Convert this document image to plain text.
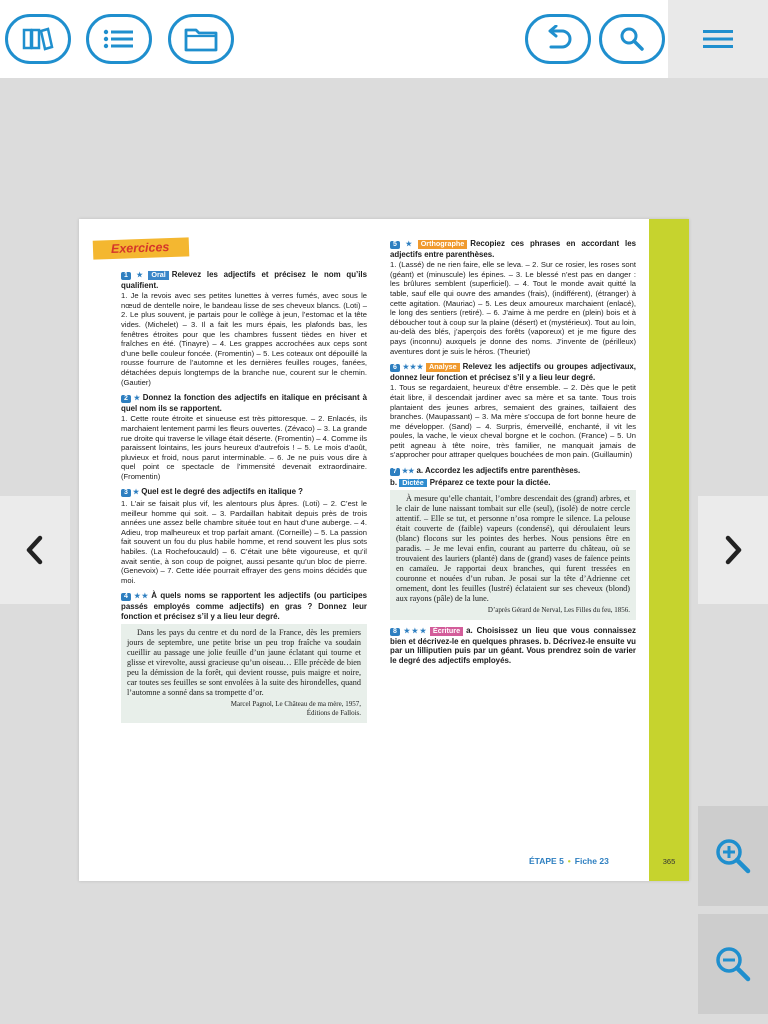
Exercices
1 ★ Oral Relevez les adjectifs et précisez le nom qu’ils qualifient.

1. Je la revois avec ses petites lunettes à verres fumés, avec sous le nœud de dentelle noire, le bandeau lisse de ses cheveux blancs. (Loti) – 2. Le plus souvent, je partais pour le collège à jeun, l’estomac et la tête vides. (Michelet) – 3. Il a fait les murs épais, les plafonds bas, les fenêtres étroites pour que les chambres fussent tièdes en hiver et fraîches en été. (Tinayre) – 4. Les grappes accrochées aux ceps sont d’une belle couleur foncée. (Fromentin) – 5. Les coteaux ont dépouillé la rousse fourrure de l’automne et les dernières feuilles rouges, fanées, détachées depuis longtemps de la branche nue, courent sur le chemin. (Gautier)

2 ★ Donnez la fonction des adjectifs en italique en précisant à quel nom ils se rapportent.

1. Cette route étroite et sinueuse est très pittoresque. – 2. Enlacés, ils marchaient lentement parmi les fleurs ouvertes. (Zévaco) – 3. La grande rue droite qui traverse le village était déserte. (Fromentin) – 4. Comme ils paraissent lointains, les jours heureux d’autrefois ! – 5. Le mois d’août, pluvieux et froid, nous parut interminable. – 6. Je ne puis vous dire à quel point ce spectacle de l’immensité devenait extraordinaire. (Fromentin)

3 ★ Quel est le degré des adjectifs en italique ?

1. L’air se faisait plus vif, les alentours plus âpres. (Loti) – 2. C’est le meilleur homme qui soit. – 3. Pardaillan habitait depuis près de trois années une assez belle chambre située tout en haut d’une auberge. – 4. Adieu, trop malheureux et trop parfait amant. (Corneille) – 5. La passion fait souvent un fou du plus habile homme, et rend souvent les plus sots habiles. (La Rochefoucauld) – 6. C’était une bête vigoureuse, et qu’il avait sentie, à son coup de poignet, aussi pesante qu’un bloc de pierre. (Genevoix) – 7. Cette idée pourrait effrayer des gens moins décidés que moi.

4 ★★ À quels noms se rapportent les adjectifs (ou participes passés employés comme adjectifs) en gras ? Donnez leur fonction et précisez s’il y a lieu leur degré.

Dans les pays du centre et du nord de la France, dès les premiers jours de septembre, une petite brise un peu trop fraîche va soudain cueillir au passage une jolie feuille d’un jaune éclatant qui tourne et glisse et virevolte, aussi gracieuse qu’un oiseau… Elle précède de bien peu la démission de la forêt, qui devient rousse, puis maigre et noire, car toutes ses feuilles se sont envolées à la suite des hirondelles, quand l’automne a sonné dans sa trompette d’or.

Marcel Pagnol, Le Château de ma mère, 1957,
Éditions de Fallois.
5 ★ Orthographe Recopiez ces phrases en accordant les adjectifs entre parenthèses.

1. (Lassé) de ne rien faire, elle se leva. – 2. Sur ce rosier, les roses sont (géant) et (minuscule) les épines. – 3. Le blessé n’est pas en danger : les brûlures semblent (superficiel). – 4. Tout le monde avait quitté la table, sauf elle qui ouvre des amandes (frais), (indifférent), (étranger) à cette agitation. (Mauriac) – 5. Les deux amoureux marchaient (enlacé), le long des sentiers (retiré). – 6. J’aime à me perdre en (plein) bois et à déboucher tout à coup sur la plaine (désert) et (mystérieux). Tout au loin, au-delà des blés, j’aperçois des forêts (vaporeux) et je me figure des pays (inconnu) auxquels je donne des noms. J’invente de (périlleux) aventures dont je suis le héros. (Theuriet)

6 ★★★ Analyse Relevez les adjectifs ou groupes adjectivaux, donnez leur fonction et précisez s’il y a lieu leur degré.

1. Tous se regardaient, heureux d’être ensemble. – 2. Dès que le petit était libre, il descendait jardiner avec sa mère et sa tante. Tous trois plantaient des jeunes arbres, semaient des graines, taillaient des branches. (Maupassant) – 3. Ma mère s’occupa de fort bonne heure de me développer. (Sand) – 4. Surpris, émerveillé, enchanté, il vit les poules, la vache, le vieux cheval borgne et le cochon. (France) – 5. Un petit agneau à tête noire, très familier, ne manquait jamais de s’approcher pour attraper quelques bouchées de mon pain. (Guillaumin)

7 ★★ a. Accordez les adjectifs entre parenthèses.
b. Dictée Préparez ce texte pour la dictée.

À mesure qu’elle chantait, l’ombre descendait des (grand) arbres, et le clair de lune naissant tombait sur elle (seul), (isolé) de notre cercle attentif. – Elle se tut, et personne n’osa rompre le silence. La pelouse était couverte de (faible) vapeurs (condensé), qui déroulaient leurs (blanc) flocons sur les pointes des herbes. Nous pensions être en paradis. – Je me levai enfin, courant au parterre du château, où se trouvaient des lauriers (planté) dans de (grand) vases de faïence peints en camaïeu. Je rapportai deux branches, qui furent tressées en couronne et nouées d’un ruban. Je posai sur la tête d’Adrienne cet ornement, dont les feuilles (lustré) éclataient sur ses cheveux (blond) aux rayons (pâle) de la lune.

D’après Gérard de Nerval, Les Filles du feu, 1856.
8 ★★★ Écriture a. Choisissez un lieu que vous connaissez bien et décrivez-le en quelques phrases. b. Décrivez-le ensuite vu par un lilliputien puis par un géant. Vous prendrez soin de varier le degré des adjectifs employés.
ÉTAPE 5 • Fiche 23	365
